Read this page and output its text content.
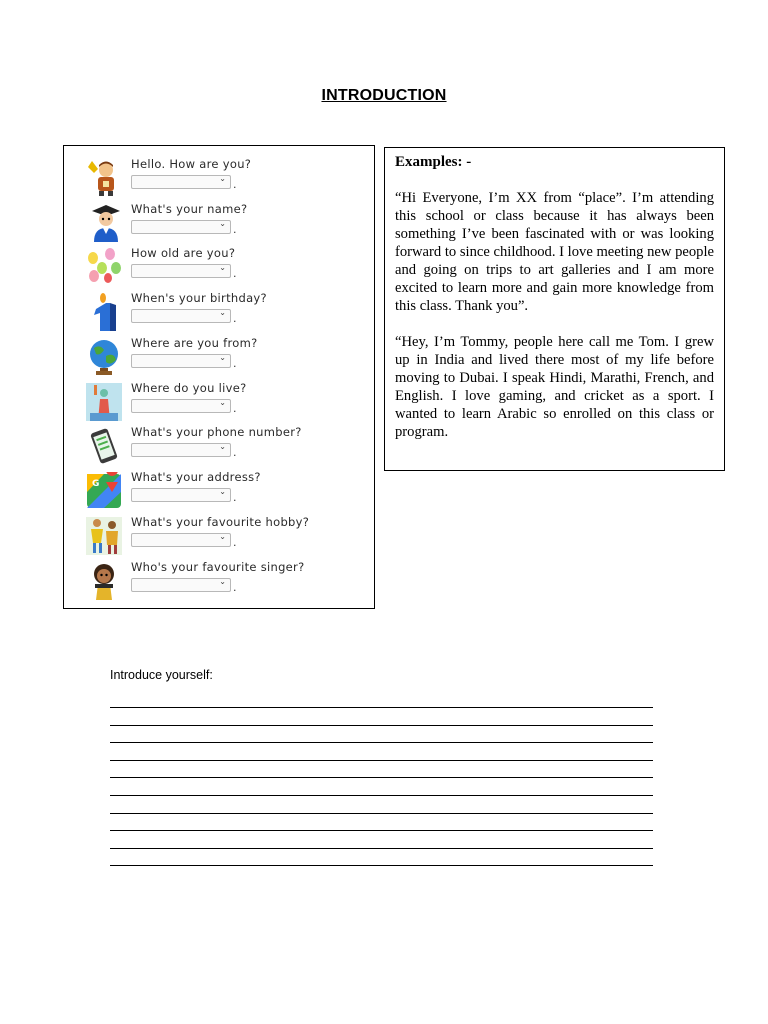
INTRODUCTION
Hello. How are you?
⌄ .
What's your name?
⌄ .
How old are you?
⌄ .
When's your birthday?
⌄ .
Where are you from?
⌄ .
Where do you live?
⌄ .
What's your phone number?
⌄ .
G	What's your address?
⌄ .
What's your favourite hobby?
⌄ .
Who's your favourite singer?
⌄ .
Examples: -

“Hi Everyone, I’m XX from “place”. I’m attending this school or class because it has always been something I’ve been fascinated with or was looking forward to since childhood. I love meeting new people and going on trips to art galleries and I am more excited to learn more and gain more knowledge from this class. Thank you”.

“Hey, I’m Tommy, people here call me Tom. I grew up in India and lived there most of my life before moving to Dubai. I speak Hindi, Marathi, French, and English. I love gaming, and cricket as a sport. I wanted to learn Arabic so enrolled on this class or program.

Introduce yourself:
